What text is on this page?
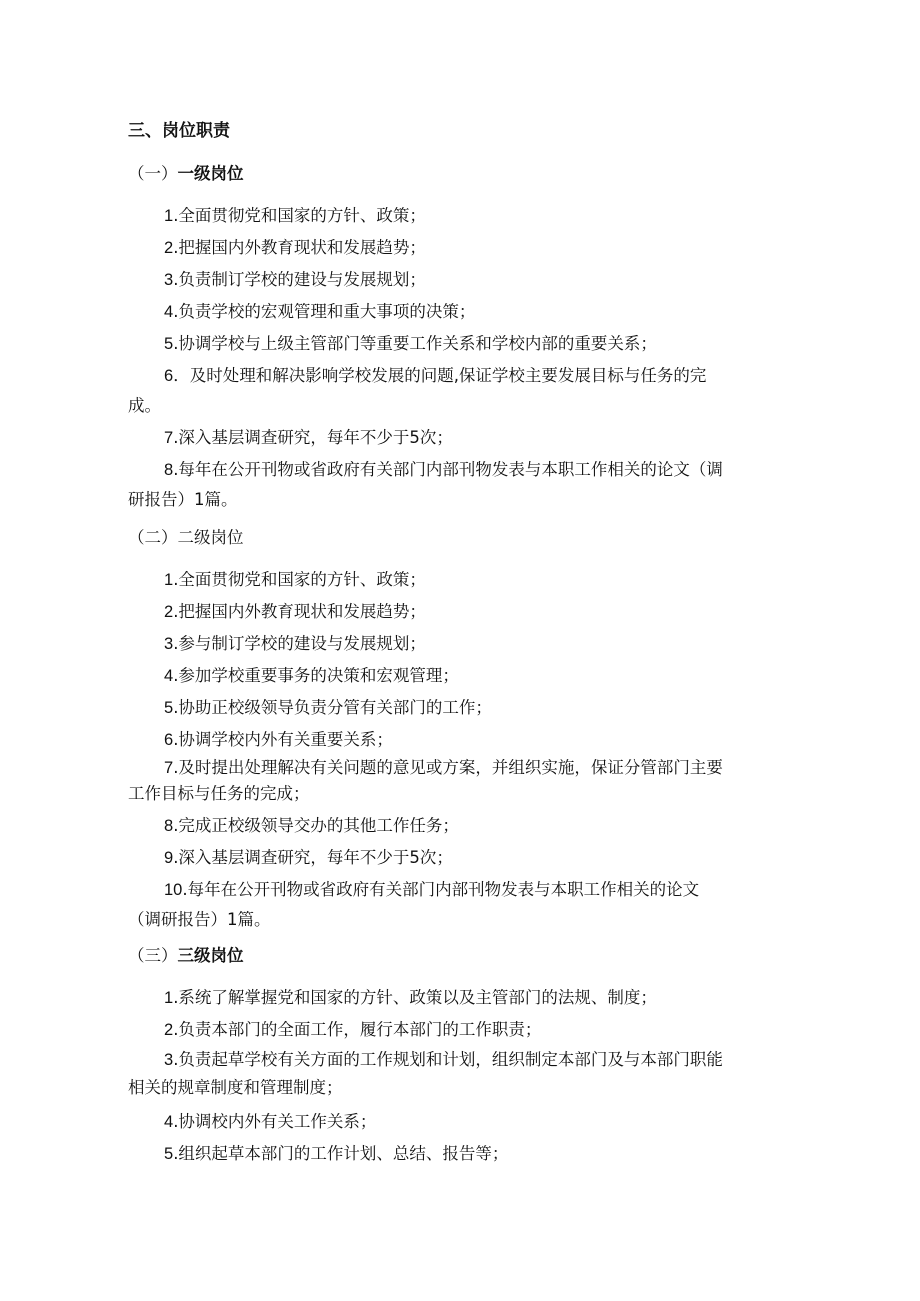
三、岗位职责
（一）一级岗位
1.全面贯彻党和国家的方针、政策；
2.把握国内外教育现状和发展趋势；
3.负责制订学校的建设与发展规划；
4.负责学校的宏观管理和重大事项的决策；
5.协调学校与上级主管部门等重要工作关系和学校内部的重要关系；
6．及时处理和解决影响学校发展的问题,保证学校主要发展目标与任务的完
成。
7.深入基层调查研究，每年不少于5次；
8.每年在公开刊物或省政府有关部门内部刊物发表与本职工作相关的论文（调
研报告）1篇。
（二）二级岗位
1.全面贯彻党和国家的方针、政策；
2.把握国内外教育现状和发展趋势；
3.参与制订学校的建设与发展规划；
4.参加学校重要事务的决策和宏观管理；
5.协助正校级领导负责分管有关部门的工作；
6.协调学校内外有关重要关系；
7.及时提出处理解决有关问题的意见或方案，并组织实施，保证分管部门主要
工作目标与任务的完成；
8.完成正校级领导交办的其他工作任务；
9.深入基层调查研究，每年不少于5次；
10.每年在公开刊物或省政府有关部门内部刊物发表与本职工作相关的论文
（调研报告）1篇。
（三）三级岗位
1.系统了解掌握党和国家的方针、政策以及主管部门的法规、制度；
2.负责本部门的全面工作，履行本部门的工作职责；
3.负责起草学校有关方面的工作规划和计划，组织制定本部门及与本部门职能
相关的规章制度和管理制度；
4.协调校内外有关工作关系；
5.组织起草本部门的工作计划、总结、报告等；
